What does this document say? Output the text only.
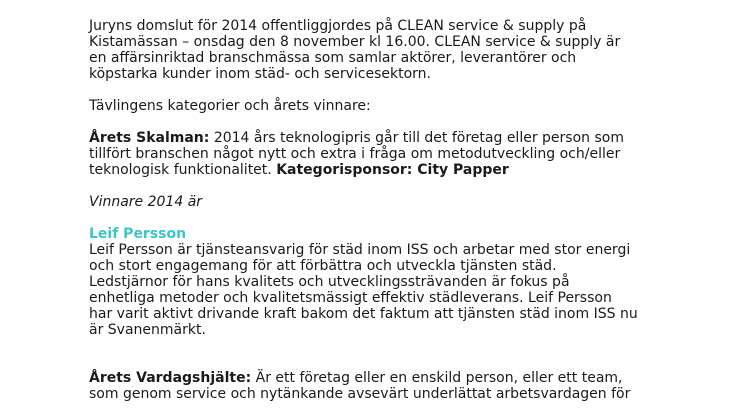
Juryns domslut för 2014 offentliggjordes på CLEAN service & supply på
Kistamässan – onsdag den 8 november kl 16.00. CLEAN service & supply är
en affärsinriktad branschmässa som samlar aktörer, leverantörer och
köpstarka kunder inom städ- och servicesektorn.
Tävlingens kategorier och årets vinnare:
Årets Skalman: 2014 års teknologipris går till det företag eller person som
tillfört branschen något nytt och extra i fråga om metodutveckling och/eller
teknologisk funktionalitet. Kategorisponsor: City Papper
Vinnare 2014 är
Leif Persson
Leif Persson är tjänsteansvarig för städ inom ISS och arbetar med stor energi
och stort engagemang för att förbättra och utveckla tjänsten städ.
Ledstjärnor för hans kvalitets och utvecklingssträvanden är fokus på
enhetliga metoder och kvalitetsmässigt effektiv städleverans. Leif Persson
har varit aktivt drivande kraft bakom det faktum att tjänsten städ inom ISS nu
är Svanenmärkt.
Årets Vardagshjälte: Är ett företag eller en enskild person, eller ett team,
som genom service och nytänkande avsevärt underlättat arbetsvardagen för
